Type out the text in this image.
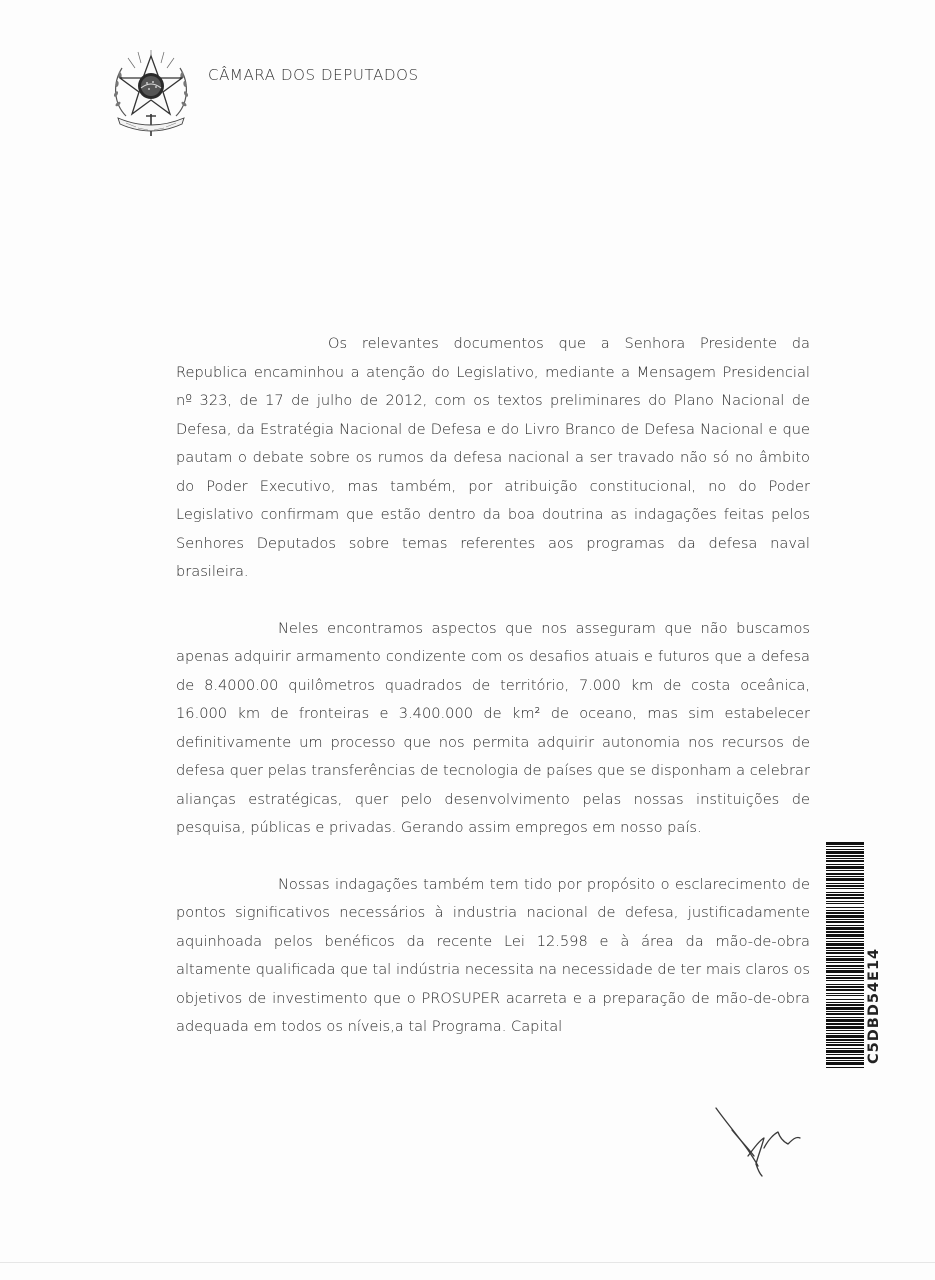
CÂMARA DOS DEPUTADOS

Os relevantes documentos que a Senhora Presidente da Republica encaminhou a atenção do Legislativo, mediante a Mensagem Presidencial nº 323, de 17 de julho de 2012, com os textos preliminares do Plano Nacional de Defesa, da Estratégia Nacional de Defesa e do Livro Branco de Defesa Nacional e que pautam o debate sobre os rumos da defesa nacional a ser travado não só no âmbito do Poder Executivo, mas também, por atribuição constitucional, no do Poder Legislativo confirmam que estão dentro da boa doutrina as indagações feitas pelos Senhores Deputados sobre temas referentes aos programas da defesa naval brasileira.

Neles encontramos aspectos que nos asseguram que não buscamos apenas adquirir armamento condizente com os desafios atuais e futuros que a defesa de 8.4000.00 quilômetros quadrados de território, 7.000 km de costa oceânica, 16.000 km de fronteiras e 3.400.000 de km² de oceano, mas sim estabelecer definitivamente um processo que nos permita adquirir autonomia nos recursos de defesa quer pelas transferências de tecnologia de países que se disponham a celebrar alianças estratégicas, quer pelo desenvolvimento pelas nossas instituições de pesquisa, públicas e privadas. Gerando assim empregos em nosso país.

Nossas indagações também tem tido por propósito o esclarecimento de pontos significativos necessários à industria nacional de defesa, justificadamente aquinhoada pelos benéficos da recente Lei 12.598 e à área da mão-de-obra altamente qualificada que tal indústria necessita na necessidade de ter mais claros os objetivos de investimento que o PROSUPER acarreta e a preparação de mão-de-obra adequada em todos os níveis,a tal Programa. Capital	C5DBD54E14
